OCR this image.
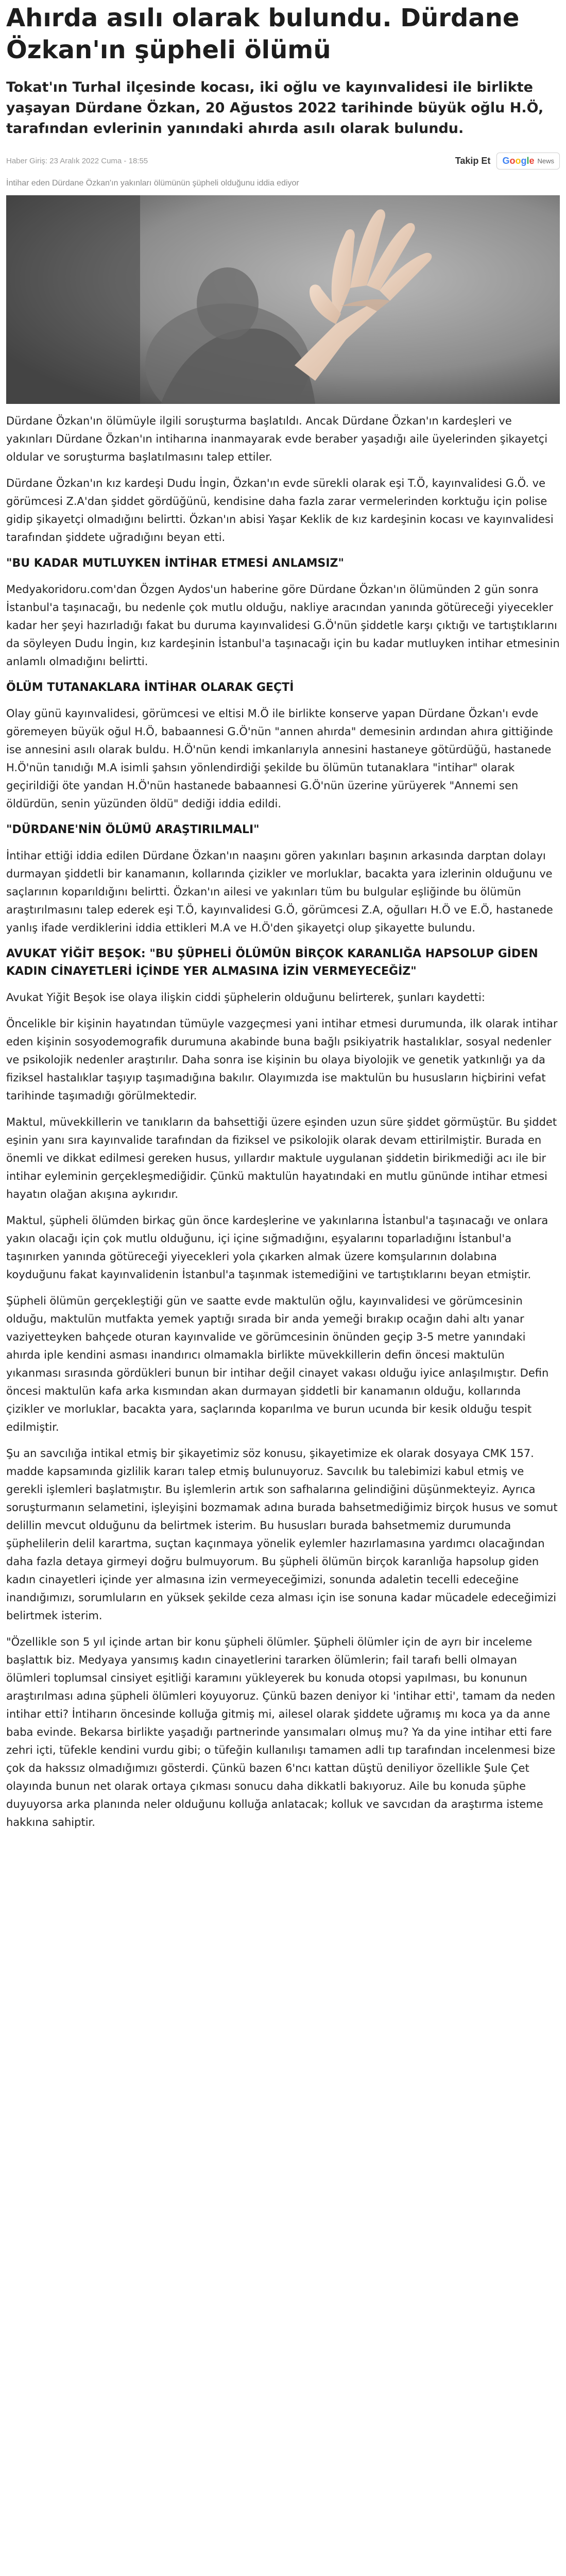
Ahırda asılı olarak bulundu. Dürdane Özkan'ın şüpheli ölümü

Tokat'ın Turhal ilçesinde kocası, iki oğlu ve kayınvalidesi ile birlikte yaşayan Dürdane Özkan, 20 Ağustos 2022 tarihinde büyük oğlu H.Ö, tarafından evlerinin yanındaki ahırda asılı olarak bulundu.

Haber Giriş: 23 Aralık 2022 Cuma - 18:55	Takip Et Google News
İntihar eden Dürdane Özkan'ın yakınları ölümünün şüpheli olduğunu iddia ediyor

Dürdane Özkan'ın ölümüyle ilgili soruşturma başlatıldı. Ancak Dürdane Özkan'ın kardeşleri ve yakınları Dürdane Özkan'ın intiharına inanmayarak evde beraber yaşadığı aile üyelerinden şikayetçi oldular ve soruşturma başlatılmasını talep ettiler.

Dürdane Özkan'ın kız kardeşi Dudu İngin, Özkan'ın evde sürekli olarak eşi T.Ö, kayınvalidesi G.Ö. ve görümcesi Z.A'dan şiddet gördüğünü, kendisine daha fazla zarar vermelerinden korktuğu için polise gidip şikayetçi olmadığını belirtti. Özkan'ın abisi Yaşar Keklik de kız kardeşinin kocası ve kayınvalidesi tarafından şiddete uğradığını beyan etti.

"BU KADAR MUTLUYKEN İNTİHAR ETMESİ ANLAMSIZ"

Medyakoridoru.com'dan Özgen Aydos'un haberine göre Dürdane Özkan'ın ölümünden 2 gün sonra İstanbul'a taşınacağı, bu nedenle çok mutlu olduğu, nakliye aracından yanında götüreceği yiyecekler kadar her şeyi hazırladığı fakat bu duruma kayınvalidesi G.Ö'nün şiddetle karşı çıktığı ve tartıştıklarını da söyleyen Dudu İngin, kız kardeşinin İstanbul'a taşınacağı için bu kadar mutluyken intihar etmesinin anlamlı olmadığını belirtti.

ÖLÜM TUTANAKLARA İNTİHAR OLARAK GEÇTİ

Olay günü kayınvalidesi, görümcesi ve eltisi M.Ö ile birlikte konserve yapan Dürdane Özkan'ı evde göremeyen büyük oğul H.Ö, babaannesi G.Ö'nün "annen ahırda" demesinin ardından ahıra gittiğinde ise annesini asılı olarak buldu. H.Ö'nün kendi imkanlarıyla annesini hastaneye götürdüğü, hastanede H.Ö'nün tanıdığı M.A isimli şahsın yönlendirdiği şekilde bu ölümün tutanaklara "intihar" olarak geçirildiği öte yandan H.Ö'nün hastanede babaannesi G.Ö'nün üzerine yürüyerek "Annemi sen öldürdün, senin yüzünden öldü" dediği iddia edildi.

"DÜRDANE'NİN ÖLÜMÜ ARAŞTIRILMALI"

İntihar ettiği iddia edilen Dürdane Özkan'ın naaşını gören yakınları başının arkasında darptan dolayı durmayan şiddetli bir kanamanın, kollarında çizikler ve morluklar, bacakta yara izlerinin olduğunu ve saçlarının koparıldığını belirtti. Özkan'ın ailesi ve yakınları tüm bu bulgular eşliğinde bu ölümün araştırılmasını talep ederek eşi T.Ö, kayınvalidesi G.Ö, görümcesi Z.A, oğulları H.Ö ve E.Ö, hastanede yanlış ifade verdiklerini iddia ettikleri M.A ve H.Ö'den şikayetçi olup şikayette bulundu.

AVUKAT YİĞİT BEŞOK: "BU ŞÜPHELİ ÖLÜMÜN BİRÇOK KARANLIĞA HAPSOLUP GİDEN KADIN CİNAYETLERİ İÇİNDE YER ALMASINA İZİN VERMEYECEĞİZ"

Avukat Yiğit Beşok ise olaya ilişkin ciddi şüphelerin olduğunu belirterek, şunları kaydetti:

Öncelikle bir kişinin hayatından tümüyle vazgeçmesi yani intihar etmesi durumunda, ilk olarak intihar eden kişinin sosyodemografik durumuna akabinde buna bağlı psikiyatrik hastalıklar, sosyal nedenler ve psikolojik nedenler araştırılır. Daha sonra ise kişinin bu olaya biyolojik ve genetik yatkınlığı ya da fiziksel hastalıklar taşıyıp taşımadığına bakılır. Olayımızda ise maktulün bu hususların hiçbirini vefat tarihinde taşımadığı görülmektedir.

Maktul, müvekkillerin ve tanıkların da bahsettiği üzere eşinden uzun süre şiddet görmüştür. Bu şiddet eşinin yanı sıra kayınvalide tarafından da fiziksel ve psikolojik olarak devam ettirilmiştir. Burada en önemli ve dikkat edilmesi gereken husus, yıllardır maktule uygulanan şiddetin birikmediği acı ile bir intihar eyleminin gerçekleşmediğidir. Çünkü maktulün hayatındaki en mutlu gününde intihar etmesi hayatın olağan akışına aykırıdır.

Maktul, şüpheli ölümden birkaç gün önce kardeşlerine ve yakınlarına İstanbul'a taşınacağı ve onlara yakın olacağı için çok mutlu olduğunu, içi içine sığmadığını, eşyalarını toparladığını İstanbul'a taşınırken yanında götüreceği yiyecekleri yola çıkarken almak üzere komşularının dolabına koyduğunu fakat kayınvalidenin İstanbul'a taşınmak istemediğini ve tartıştıklarını beyan etmiştir.

Şüpheli ölümün gerçekleştiği gün ve saatte evde maktulün oğlu, kayınvalidesi ve görümcesinin olduğu, maktulün mutfakta yemek yaptığı sırada bir anda yemeği bırakıp ocağın dahi altı yanar vaziyetteyken bahçede oturan kayınvalide ve görümcesinin önünden geçip 3-5 metre yanındaki ahırda iple kendini asması inandırıcı olmamakla birlikte müvekkillerin defin öncesi maktulün yıkanması sırasında gördükleri bunun bir intihar değil cinayet vakası olduğu iyice anlaşılmıştır. Defin öncesi maktulün kafa arka kısmından akan durmayan şiddetli bir kanamanın olduğu, kollarında çizikler ve morluklar, bacakta yara, saçlarında koparılma ve burun ucunda bir kesik olduğu tespit edilmiştir.

Şu an savcılığa intikal etmiş bir şikayetimiz söz konusu, şikayetimize ek olarak dosyaya CMK 157. madde kapsamında gizlilik kararı talep etmiş bulunuyoruz. Savcılık bu talebimizi kabul etmiş ve gerekli işlemleri başlatmıştır. Bu işlemlerin artık son safhalarına gelindiğini düşünmekteyiz. Ayrıca soruşturmanın selametini, işleyişini bozmamak adına burada bahsetmediğimiz birçok husus ve somut delillin mevcut olduğunu da belirtmek isterim. Bu hususları burada bahsetmemiz durumunda şüphelilerin delil karartma, suçtan kaçınmaya yönelik eylemler hazırlamasına yardımcı olacağından daha fazla detaya girmeyi doğru bulmuyorum. Bu şüpheli ölümün birçok karanlığa hapsolup giden kadın cinayetleri içinde yer almasına izin vermeyeceğimizi, sonunda adaletin tecelli edeceğine inandığımızı, sorumluların en yüksek şekilde ceza alması için ise sonuna kadar mücadele edeceğimizi belirtmek isterim.

"Özellikle son 5 yıl içinde artan bir konu şüpheli ölümler. Şüpheli ölümler için de ayrı bir inceleme başlattık biz. Medyaya yansımış kadın cinayetlerini tararken ölümlerin; fail tarafı belli olmayan ölümleri toplumsal cinsiyet eşitliği karamını yükleyerek bu konuda otopsi yapılması, bu konunun araştırılması adına şüpheli ölümleri koyuyoruz. Çünkü bazen deniyor ki 'intihar etti', tamam da neden intihar etti? İntiharın öncesinde kolluğa gitmiş mi, ailesel olarak şiddete uğramış mı koca ya da anne baba evinde. Bekarsa birlikte yaşadığı partnerinde yansımaları olmuş mu? Ya da yine intihar etti fare zehri içti, tüfekle kendini vurdu gibi; o tüfeğin kullanılışı tamamen adli tıp tarafından incelenmesi bize çok da hakssız olmadığımızı gösterdi. Çünkü bazen 6'ncı kattan düştü deniliyor özellikle Şule Çet olayında bunun net olarak ortaya çıkması sonucu daha dikkatli bakıyoruz. Aile bu konuda şüphe duyuyorsa arka planında neler olduğunu kolluğa anlatacak; kolluk ve savcıdan da araştırma isteme hakkına sahiptir.
